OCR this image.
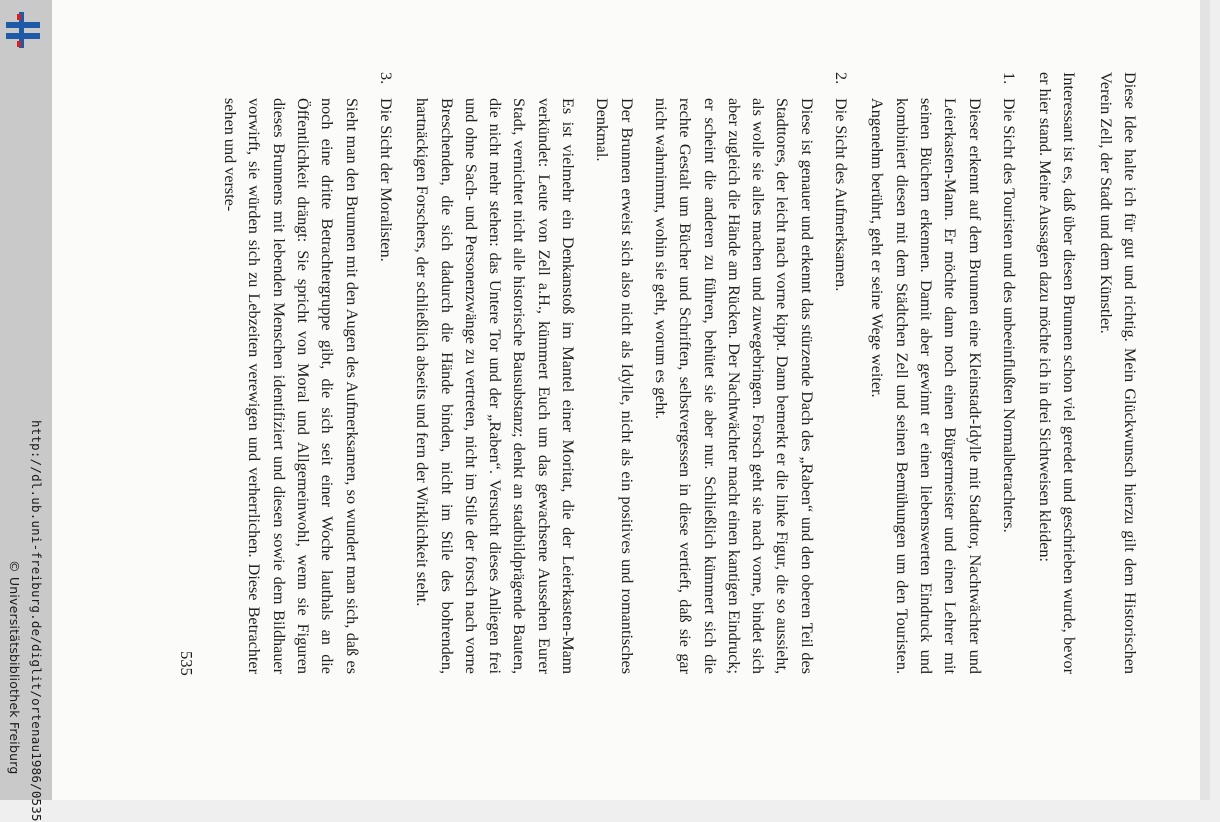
http://dl.ub.uni-freiburg.de/diglit/ortenau1986/0535
© Universitätsbibliothek Freiburg	Diese Idee halte ich für gut und richtig. Mein Glückwunsch hierzu gilt dem Historischen Verein Zell, der Stadt und dem Künstler.

Interessant ist es, daß über diesen Brunnen schon viel geredet und geschrieben wurde, bevor er hier stand. Meine Aussagen dazu möchte ich in drei Sichtweisen kleiden:

1.
Die Sicht des Touristen und des unbeeinflußten Normalbetrachters.

Dieser erkennt auf dem Brunnen eine Kleinstadt-Idylle mit Stadttor, Nachtwächter und Leierkasten-Mann. Er möchte dann noch einen Bürgermeister und einen Lehrer mit seinen Büchern erkennen. Damit aber gewinnt er einen liebenswerten Eindruck und kombiniert diesen mit dem Städtchen Zell und seinen Bemühungen um den Touristen. Angenehm berührt, geht er seine Wege weiter.

2.
Die Sicht des Aufmerksamen.

Diese ist genauer und erkennt das stürzende Dach des „Raben“ und den oberen Teil des Stadttores, der leicht nach vorne kippt. Dann bemerkt er die linke Figur, die so aussieht, als wolle sie alles machen und zuwegebringen. Forsch geht sie nach vorne, bindet sich aber zugleich die Hände am Rücken. Der Nachtwächter macht einen kantigen Eindruck; er scheint die anderen zu führen, behütet sie aber nur. Schließlich kümmert sich die rechte Gestalt um Bücher und Schriften, selbstvergessen in diese vertieft, daß sie gar nicht wahrnimmt, wohin sie geht, worum es geht.

Der Brunnen erweist sich also nicht als Idylle, nicht als ein positives und romantisches Denkmal.

Es ist vielmehr ein Denkanstoß im Mantel einer Moritat, die der Leierkasten-Mann verkündet: Leute von Zell a.H., kümmert Euch um das gewachsene Aussehen Eurer Stadt, vernichtet nicht alle historische Bausubstanz; denkt an stadtbildprägende Bauten, die nicht mehr stehen: das Untere Tor und der „Raben“. Versucht dieses Anliegen frei und ohne Sach- und Personenzwänge zu vertreten, nicht im Stile der forsch nach vorne Breschenden, die sich dadurch die Hände binden, nicht im Stile des bohrenden, hartnäckigen Forschers, der schließlich abseits und fern der Wirklichkeit steht.

3.
Die Sicht der Moralisten.

Sieht man den Brunnen mit den Augen des Aufmerksamen, so wundert man sich, daß es noch eine dritte Betrachtergruppe gibt, die sich seit einer Woche lauthals an die Öffentlichkeit drängt: Sie spricht von Moral und Allgemeinwohl, wenn sie Figuren dieses Brunnens mit lebenden Menschen identifiziert und diesen sowie dem Bildhauer vorwirft, sie würden sich zu Lebzeiten verewigen und verherrlichen. Diese Betrachter sehen und verste-

535
